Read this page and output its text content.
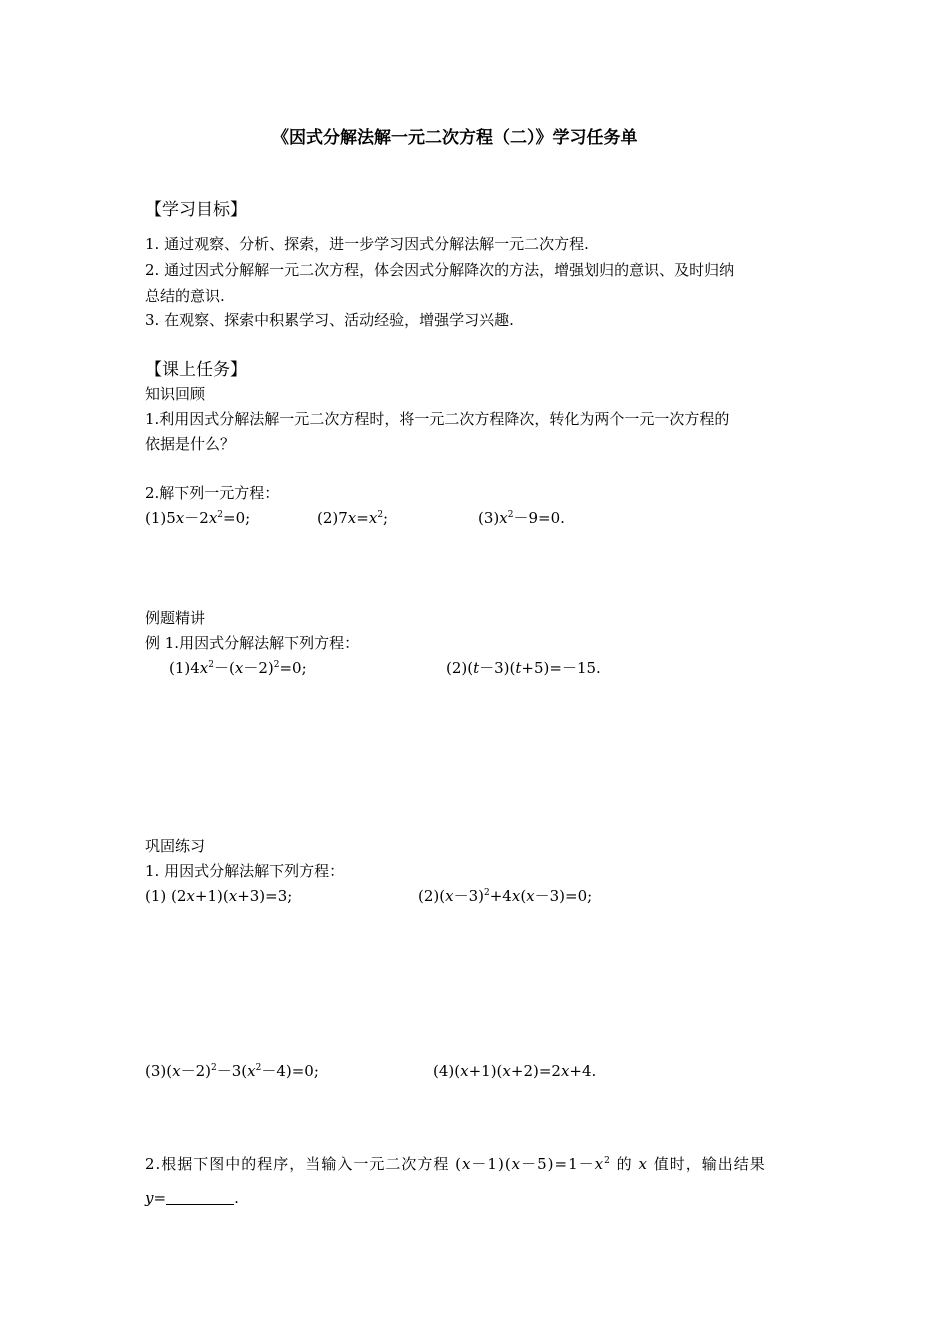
《因式分解法解一元二次方程（二）》学习任务单
【学习目标】
1. 通过观察、分析、探索，进一步学习因式分解法解一元二次方程.
2. 通过因式分解解一元二次方程，体会因式分解降次的方法，增强划归的意识、及时归纳
总结的意识.
3. 在观察、探索中积累学习、活动经验，增强学习兴趣.
【课上任务】
知识回顾
1.利用因式分解法解一元二次方程时，将一元二次方程降次，转化为两个一元一次方程的
依据是什么？
2.解下列一元方程：
$(1)5x-2x^2=0$;	$(2)7x=x^2$;	$(3)x^2-9=0$.
例题精讲
例 1.用因式分解法解下列方程：
$(1)4x^2-(x-2)^2=0$;	(2)(t－3)(t+5)=－15.
巩固练习
1. 用因式分解法解下列方程：
(1) (2x+1)(x+3)=3;	$(2)(x-3)^2+4x(x-3)=0$;
$(3)(x-2)^2-3(x^2-4)=0$;	(4)(x+1)(x+2)=2x+4.
2.根据下图中的程序，当输入一元二次方程 $(x-1)(x-5)=1-x^2$ 的 x 值时，输出结果
y=	.
